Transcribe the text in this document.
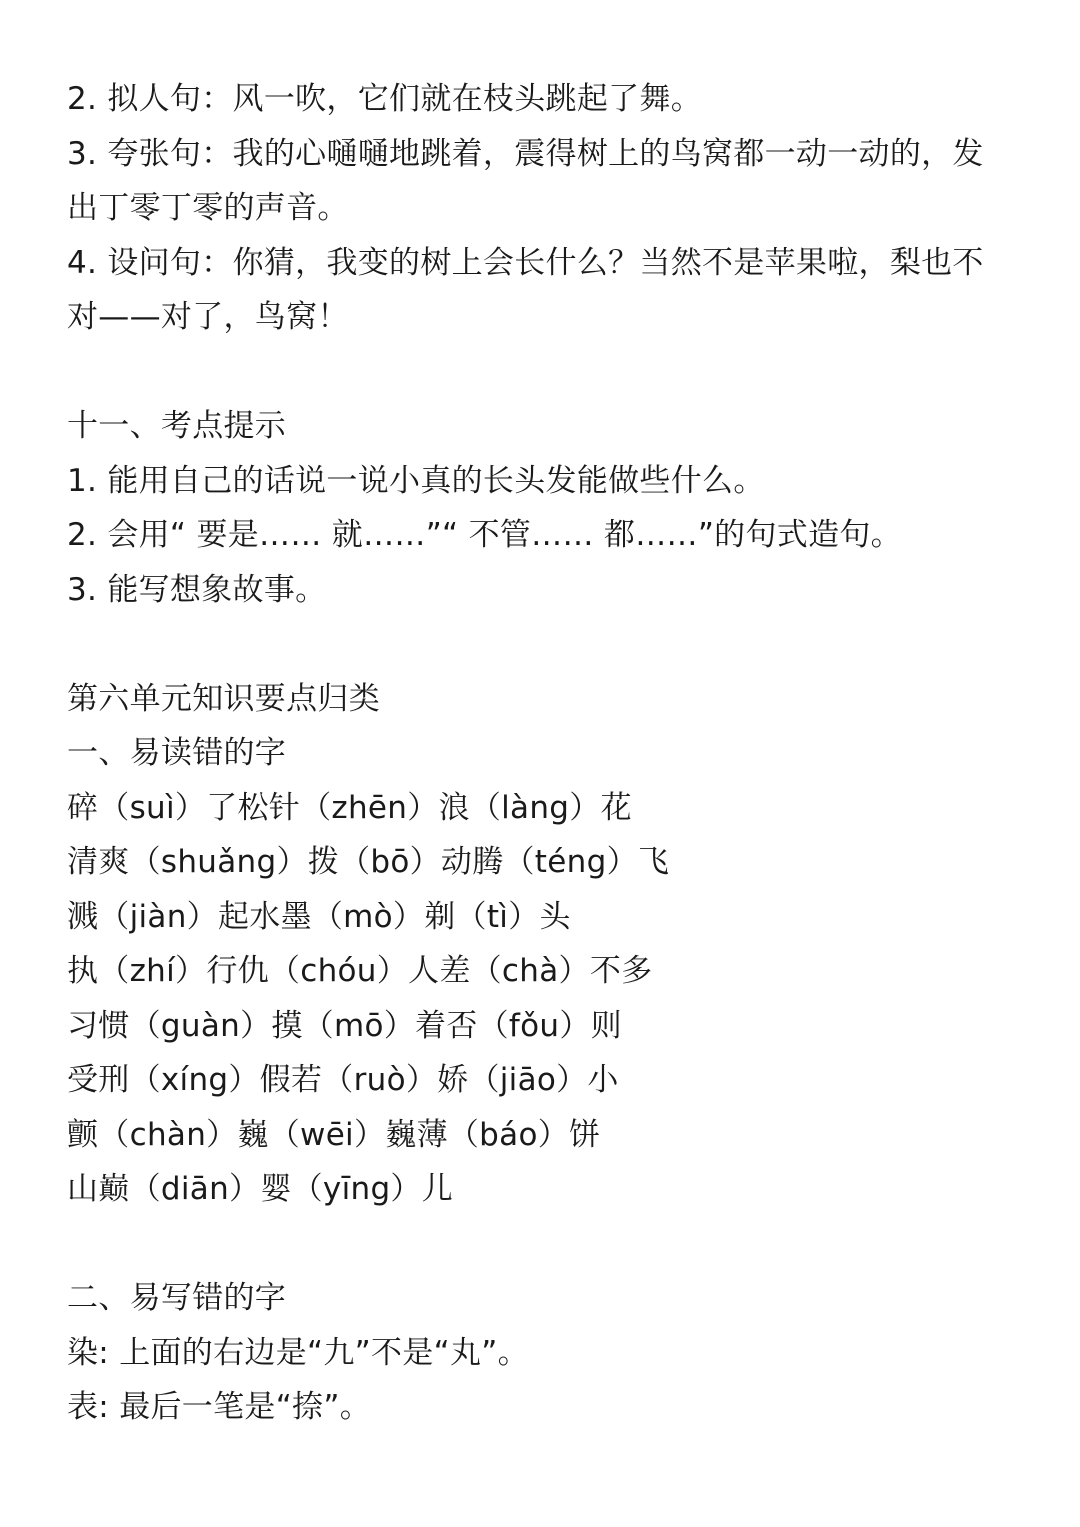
2. 拟人句：风一吹，它们就在枝头跳起了舞。
3. 夸张句：我的心嗵嗵地跳着，震得树上的鸟窝都一动一动的，发
出丁零丁零的声音。
4. 设问句：你猜，我变的树上会长什么？当然不是苹果啦，梨也不
对——对了，鸟窝！
十一、考点提示
1. 能用自己的话说一说小真的长头发能做些什么。
2. 会用“ 要是…… 就……”“ 不管…… 都……”的句式造句。
3. 能写想象故事。
第六单元知识要点归类
一、易读错的字
碎（suì）了松针（zhēn）浪（làng）花
清爽（shuǎng）拨（bō）动腾（téng）飞
溅（jiàn）起水墨（mò）剃（tì）头
执（zhí）行仇（chóu）人差（chà）不多
习惯（guàn）摸（mō）着否（fǒu）则
受刑（xíng）假若（ruò）娇（jiāo）小
颤（chàn）巍（wēi）巍薄（báo）饼
山巅（diān）婴（yīng）儿
二、易写错的字
染: 上面的右边是“九”不是“丸”。
表: 最后一笔是“捺”。
